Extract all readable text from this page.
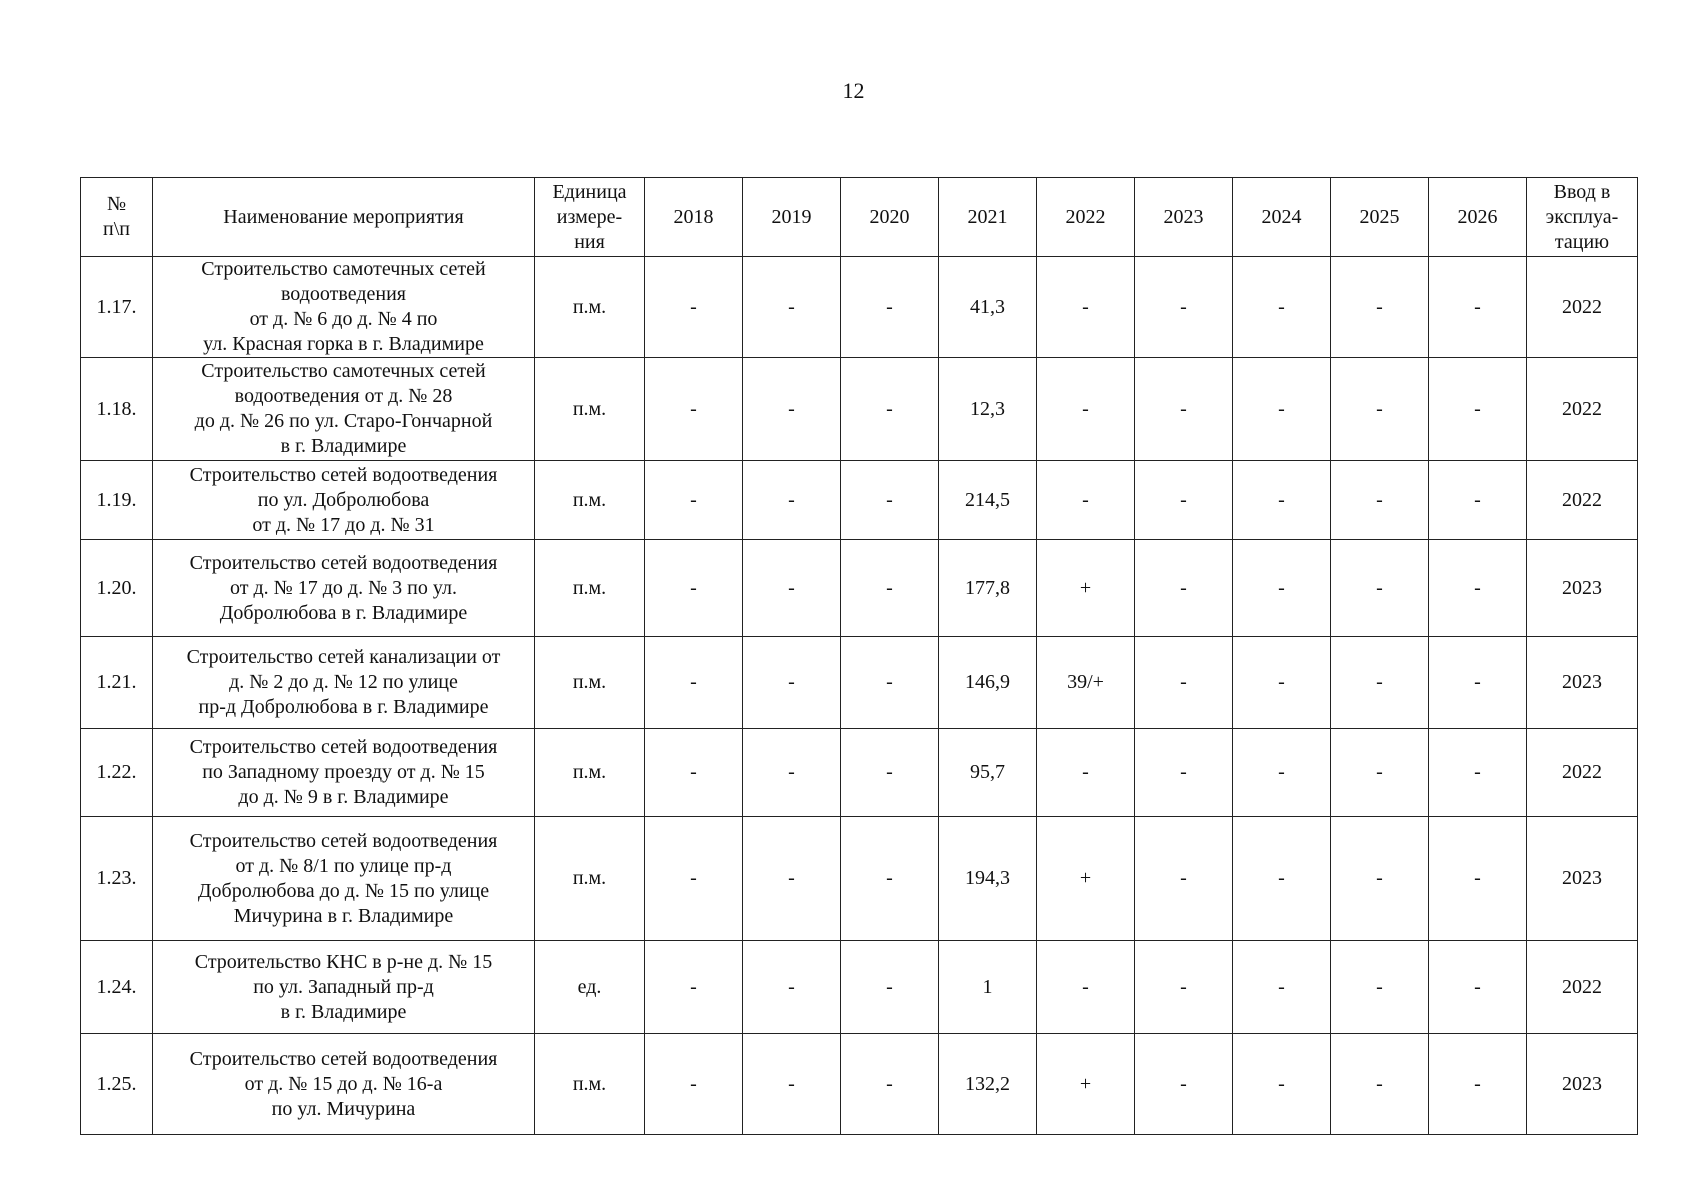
12
№
п\п	Наименование мероприятия	Единица
измере-
ния	2018	2019	2020	2021	2022	2023	2024	2025	2026	Ввод в
эксплуа-
тацию
1.17.	Строительство самотечных сетей
водоотведения
от д. № 6 до д. № 4 по
ул. Красная горка в г. Владимире	п.м.	-	-	-	41,3	-	-	-	-	-	2022
1.18.	Строительство самотечных сетей
водоотведения от д. № 28
до д. № 26 по ул. Старо-Гончарной
в г. Владимире	п.м.	-	-	-	12,3	-	-	-	-	-	2022
1.19.	Строительство сетей водоотведения
по ул. Добролюбова
от д. № 17 до д. № 31	п.м.	-	-	-	214,5	-	-	-	-	-	2022
1.20.	Строительство сетей водоотведения
от д. № 17 до д. № 3 по ул.
Добролюбова в г. Владимире	п.м.	-	-	-	177,8	+	-	-	-	-	2023
1.21.	Строительство сетей канализации от
д. № 2 до д. № 12 по улице
пр-д Добролюбова в г. Владимире	п.м.	-	-	-	146,9	39/+	-	-	-	-	2023
1.22.	Строительство сетей водоотведения
по Западному проезду от д. № 15
до д. № 9 в г. Владимире	п.м.	-	-	-	95,7	-	-	-	-	-	2022
1.23.	Строительство сетей водоотведения
от д. № 8/1 по улице пр-д
Добролюбова до д. № 15 по улице
Мичурина в г. Владимире	п.м.	-	-	-	194,3	+	-	-	-	-	2023
1.24.	Строительство КНС в р-не д. № 15
по ул. Западный пр-д
в г. Владимире	ед.	-	-	-	1	-	-	-	-	-	2022
1.25.	Строительство сетей водоотведения
от д. № 15 до д. № 16-а
по ул. Мичурина	п.м.	-	-	-	132,2	+	-	-	-	-	2023
